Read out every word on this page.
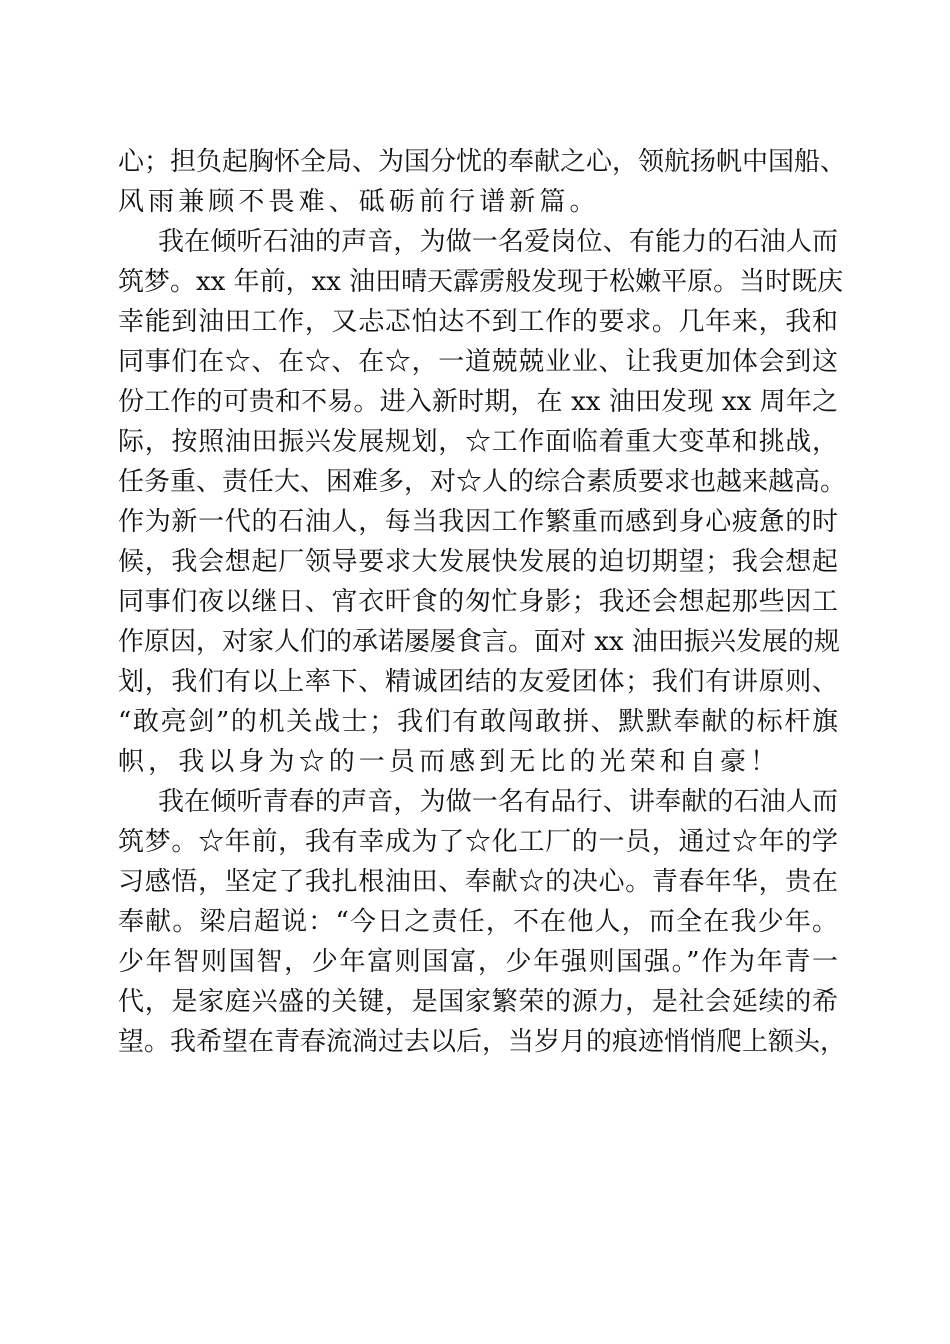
心；担负起胸怀全局、为国分忧的奉献之心，领航扬帆中国船、
风雨兼顾不畏难、砥砺前行谱新篇。
我在倾听石油的声音，为做一名爱岗位、有能力的石油人而
筑梦。xx 年前，xx 油田晴天霹雳般发现于松嫩平原。当时既庆
幸能到油田工作，又忐忑怕达不到工作的要求。几年来，我和
同事们在☆、在☆、在☆，一道兢兢业业、让我更加体会到这
份工作的可贵和不易。进入新时期，在 xx 油田发现 xx 周年之
际，按照油田振兴发展规划，☆工作面临着重大变革和挑战，
任务重、责任大、困难多，对☆人的综合素质要求也越来越高。
作为新一代的石油人，每当我因工作繁重而感到身心疲惫的时
候，我会想起厂领导要求大发展快发展的迫切期望；我会想起
同事们夜以继日、宵衣旰食的匆忙身影；我还会想起那些因工
作原因，对家人们的承诺屡屡食言。面对 xx 油田振兴发展的规
划，我们有以上率下、精诚团结的友爱团体；我们有讲原则、
“敢亮剑”的机关战士；我们有敢闯敢拼、默默奉献的标杆旗
帜，我以身为☆的一员而感到无比的光荣和自豪！
我在倾听青春的声音，为做一名有品行、讲奉献的石油人而
筑梦。☆年前，我有幸成为了☆化工厂的一员，通过☆年的学
习感悟，坚定了我扎根油田、奉献☆的决心。青春年华，贵在
奉献。梁启超说：“今日之责任，不在他人，而全在我少年。
少年智则国智，少年富则国富，少年强则国强。”作为年青一
代，是家庭兴盛的关键，是国家繁荣的源力，是社会延续的希
望。我希望在青春流淌过去以后，当岁月的痕迹悄悄爬上额头，
